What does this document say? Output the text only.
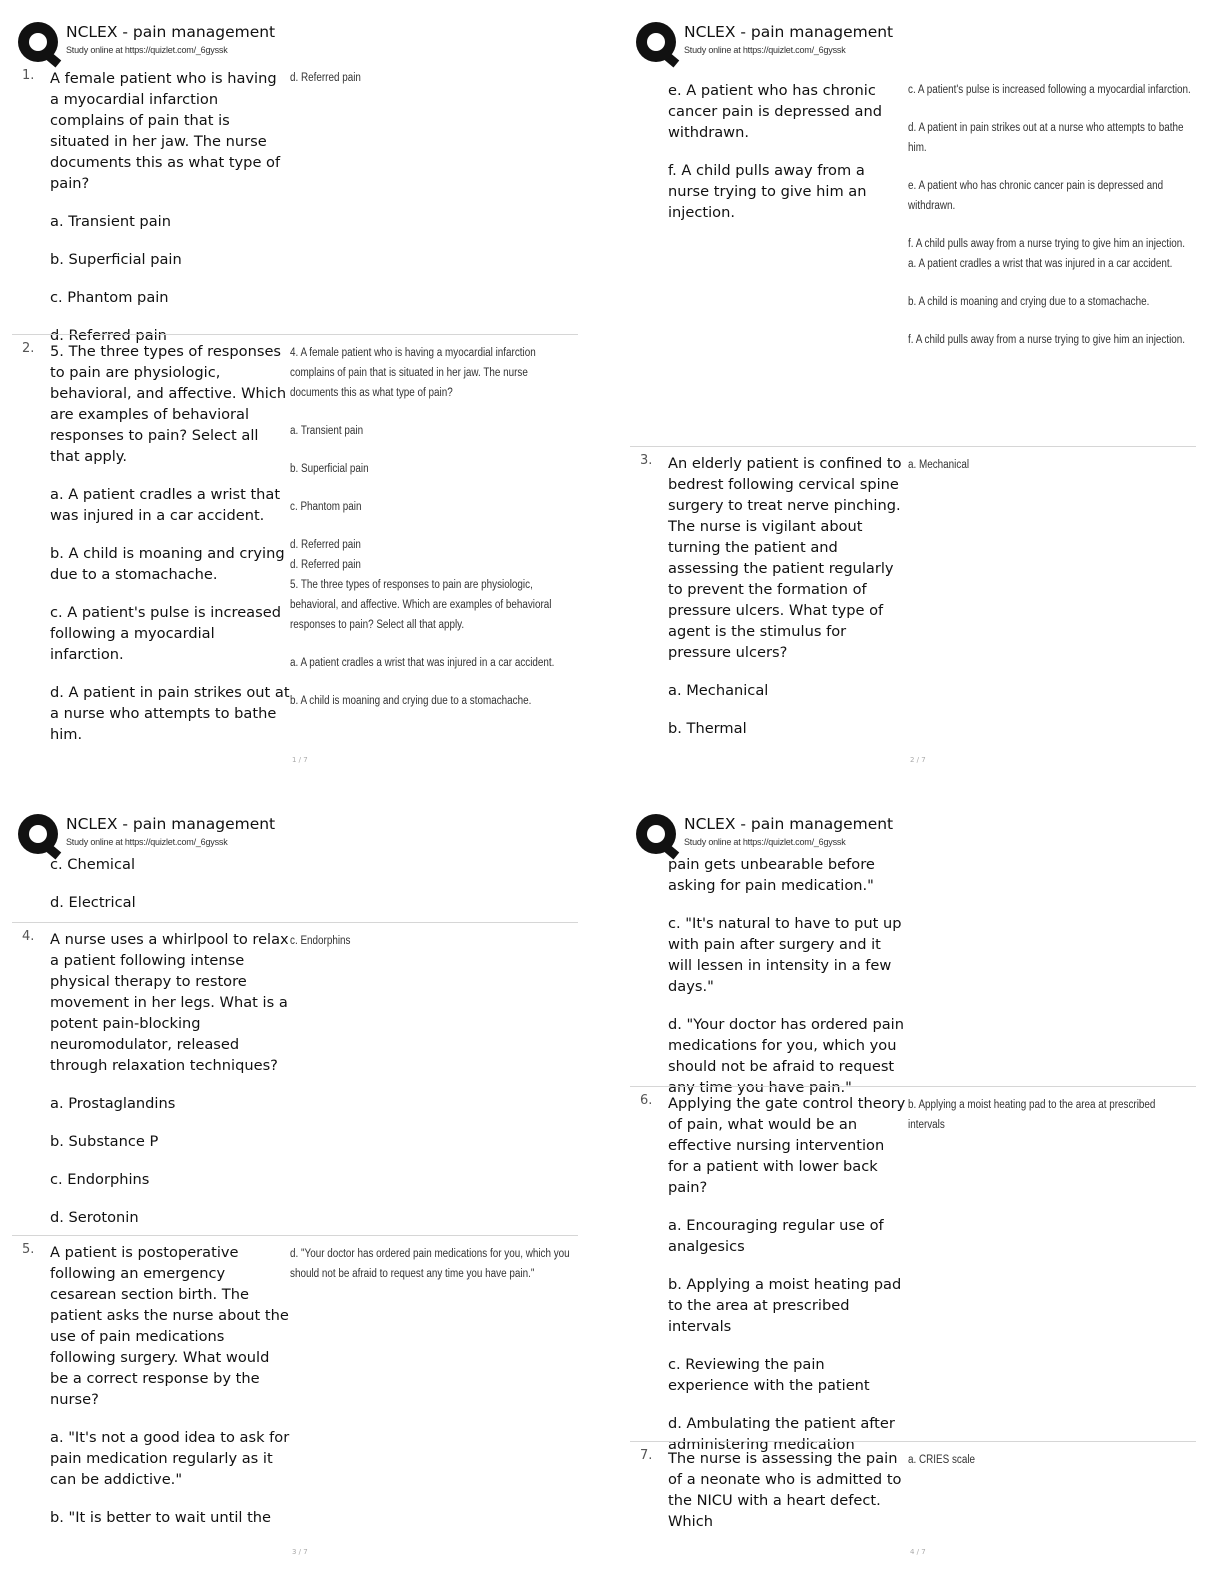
NCLEX - pain management
Study online at https://quizlet.com/_6gyssk
1. A female patient who is having a myocardial infarction complains of pain that is situated in her jaw. The nurse documents this as what type of pain?

a. Transient pain

b. Superficial pain

c. Phantom pain

d. Referred pain

d. Referred pain

2. 5. The three types of responses to pain are physiologic, behavioral, and affective. Which are examples of behavioral responses to pain? Select all that apply.

a. A patient cradles a wrist that was injured in a car accident.

b. A child is moaning and crying due to a stomachache.

c. A patient's pulse is increased following a myocardial infarction.

d. A patient in pain strikes out at a nurse who attempts to bathe him.

4. A female patient who is having a myocardial infarction complains of pain that is situated in her jaw. The nurse documents this as what type of pain?

a. Transient pain

b. Superficial pain

c. Phantom pain

d. Referred pain

d. Referred pain

5. The three types of responses to pain are physiologic, behavioral, and affective. Which are examples of behavioral responses to pain? Select all that apply.

a. A patient cradles a wrist that was injured in a car accident.

b. A child is moaning and crying due to a stomachache.

1 / 7
NCLEX - pain management
Study online at https://quizlet.com/_6gyssk

e. A patient who has chronic cancer pain is depressed and withdrawn.

f. A child pulls away from a nurse trying to give him an injection.

c. A patient's pulse is increased following a myocardial infarction.

d. A patient in pain strikes out at a nurse who attempts to bathe him.

e. A patient who has chronic cancer pain is depressed and withdrawn.

f. A child pulls away from a nurse trying to give him an injection.

a. A patient cradles a wrist that was injured in a car accident.

b. A child is moaning and crying due to a stomachache.

f. A child pulls away from a nurse trying to give him an injection.

3. An elderly patient is confined to bedrest following cervical spine surgery to treat nerve pinching. The nurse is vigilant about turning the patient and assessing the patient regularly to prevent the formation of pressure ulcers. What type of agent is the stimulus for pressure ulcers?

a. Mechanical

b. Thermal

a. Mechanical

2 / 7
NCLEX - pain management
Study online at https://quizlet.com/_6gyssk

c. Chemical

d. Electrical

4. A nurse uses a whirlpool to relax a patient following intense physical therapy to restore movement in her legs. What is a potent pain-blocking neuromodulator, released through relaxation techniques?

a. Prostaglandins

b. Substance P

c. Endorphins

d. Serotonin

c. Endorphins

5. A patient is postoperative following an emergency cesarean section birth. The patient asks the nurse about the use of pain medications following surgery. What would be a correct response by the nurse?

a. "It's not a good idea to ask for pain medication regularly as it can be addictive."

b. "It is better to wait until the

d. "Your doctor has ordered pain medications for you, which you should not be afraid to request any time you have pain."

3 / 7
NCLEX - pain management
Study online at https://quizlet.com/_6gyssk

pain gets unbearable before asking for pain medication."

c. "It's natural to have to put up with pain after surgery and it will lessen in intensity in a few days."

d. "Your doctor has ordered pain medications for you, which you should not be afraid to request any time you have pain."

6. Applying the gate control theory of pain, what would be an effective nursing intervention for a patient with lower back pain?

a. Encouraging regular use of analgesics

b. Applying a moist heating pad to the area at prescribed intervals

c. Reviewing the pain experience with the patient

d. Ambulating the patient after administering medication

b. Applying a moist heating pad to the area at prescribed intervals

7. The nurse is assessing the pain of a neonate who is admitted to the NICU with a heart defect. Which

a. CRIES scale

4 / 7
